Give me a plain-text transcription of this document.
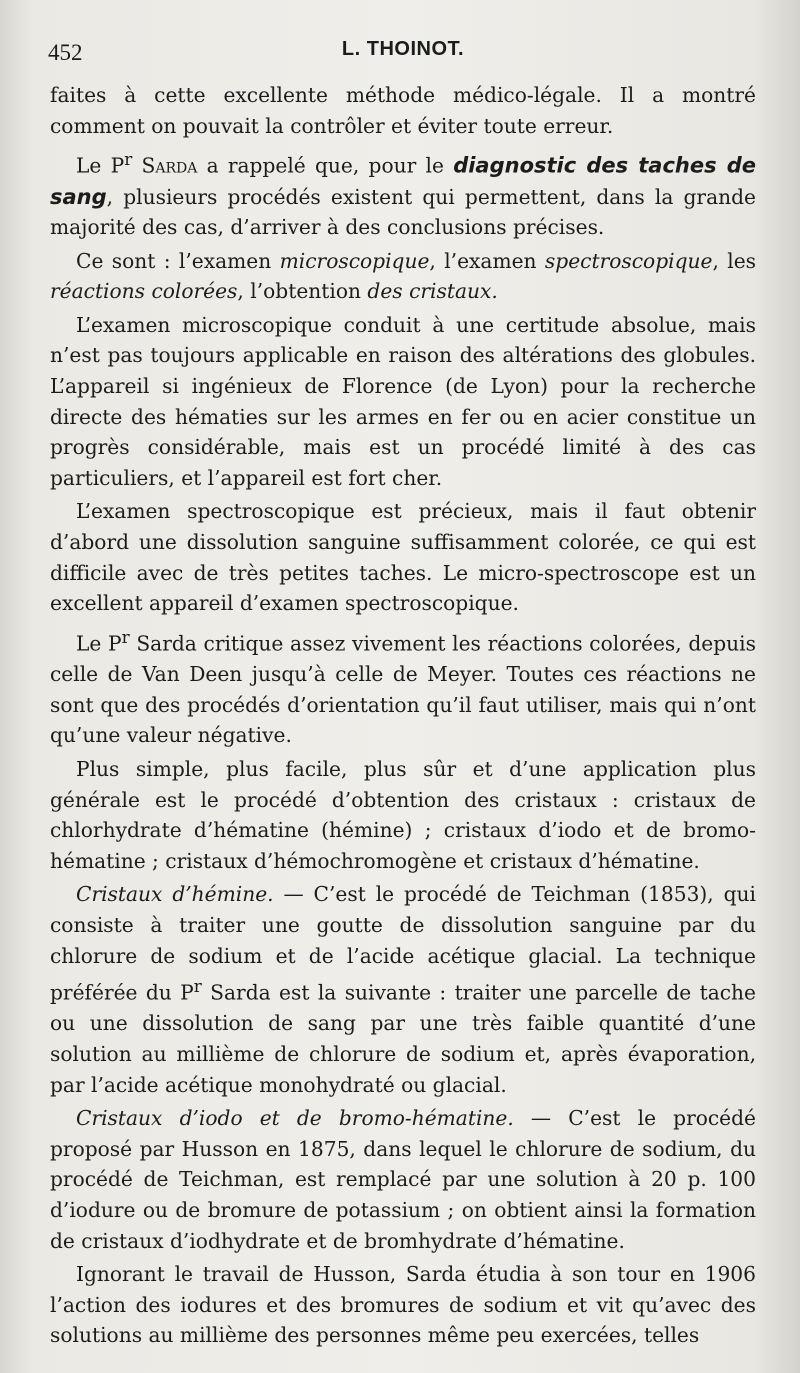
452	L. THOINOT.

faites à cette excellente méthode médico-légale. Il a montré comment on pouvait la contrôler et éviter toute erreur.

Le $P^r$ Sarda a rappelé que, pour le diagnostic des taches de sang, plusieurs procédés existent qui permettent, dans la grande majorité des cas, d’arriver à des conclusions précises.

Ce sont : l’examen microscopique, l’examen spectroscopique, les réactions colorées, l’obtention des cristaux.

L’examen microscopique conduit à une certitude absolue, mais n’est pas toujours applicable en raison des altérations des globules. L’appareil si ingénieux de Florence (de Lyon) pour la recherche directe des hématies sur les armes en fer ou en acier constitue un progrès considérable, mais est un procédé limité à des cas particuliers, et l’appareil est fort cher.

L’examen spectroscopique est précieux, mais il faut obtenir d’abord une dissolution sanguine suffisamment colorée, ce qui est difficile avec de très petites taches. Le micro-spectroscope est un excellent appareil d’examen spectroscopique.

Le $P^r$ Sarda critique assez vivement les réactions colorées, depuis celle de Van Deen jusqu’à celle de Meyer. Toutes ces réactions ne sont que des procédés d’orientation qu’il faut utiliser, mais qui n’ont qu’une valeur négative.

Plus simple, plus facile, plus sûr et d’une application plus générale est le procédé d’obtention des cristaux : cristaux de chlorhydrate d’hématine (hémine) ; cristaux d’iodo et de bromo-hématine ; cristaux d’hémochromogène et cristaux d’hématine.

Cristaux d’hémine. — C’est le procédé de Teichman (1853), qui consiste à traiter une goutte de dissolution sanguine par du chlorure de sodium et de l’acide acétique glacial. La technique préférée du $P^r$ Sarda est la suivante : traiter une parcelle de tache ou une dissolution de sang par une très faible quantité d’une solution au millième de chlorure de sodium et, après évaporation, par l’acide acétique monohydraté ou glacial.

Cristaux d’iodo et de bromo-hématine. — C’est le procédé proposé par Husson en 1875, dans lequel le chlorure de sodium, du procédé de Teichman, est remplacé par une solution à 20 p. 100 d’iodure ou de bromure de potassium ; on obtient ainsi la formation de cristaux d’iodhydrate et de bromhydrate d’hématine.

Ignorant le travail de Husson, Sarda étudia à son tour en 1906 l’action des iodures et des bromures de sodium et vit qu’avec des solutions au millième des personnes même peu exercées, telles
